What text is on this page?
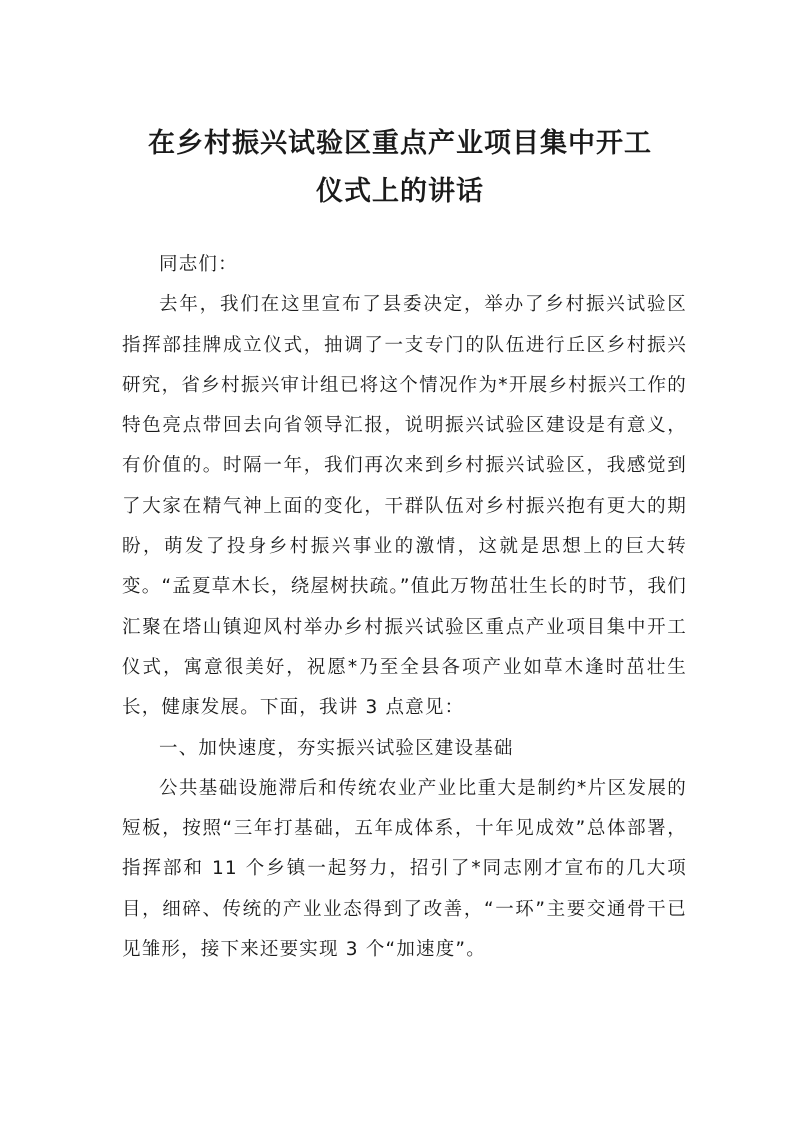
在乡村振兴试验区重点产业项目集中开工
仪式上的讲话

同志们：

去年，我们在这里宣布了县委决定，举办了乡村振兴试验区指挥部挂牌成立仪式，抽调了一支专门的队伍进行丘区乡村振兴研究，省乡村振兴审计组已将这个情况作为*开展乡村振兴工作的特色亮点带回去向省领导汇报，说明振兴试验区建设是有意义，有价值的。时隔一年，我们再次来到乡村振兴试验区，我感觉到了大家在精气神上面的变化，干群队伍对乡村振兴抱有更大的期盼，萌发了投身乡村振兴事业的激情，这就是思想上的巨大转变。“孟夏草木长，绕屋树扶疏。”值此万物茁壮生长的时节，我们汇聚在塔山镇迎风村举办乡村振兴试验区重点产业项目集中开工仪式，寓意很美好，祝愿*乃至全县各项产业如草木逢时茁壮生长，健康发展。下面，我讲 3 点意见：

一、加快速度，夯实振兴试验区建设基础

公共基础设施滞后和传统农业产业比重大是制约*片区发展的短板，按照“三年打基础，五年成体系，十年见成效”总体部署，指挥部和 11 个乡镇一起努力，招引了*同志刚才宣布的几大项目，细碎、传统的产业业态得到了改善，“一环”主要交通骨干已见雏形，接下来还要实现 3 个“加速度”。
